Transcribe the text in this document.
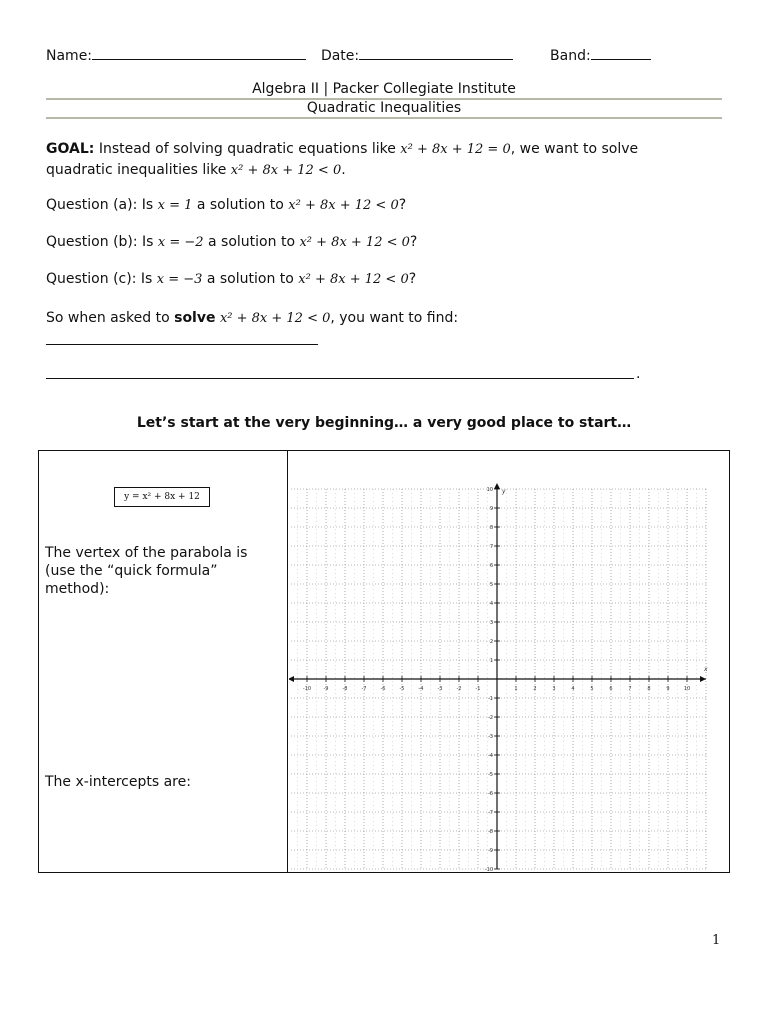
Name:	Date:	Band:
Algebra II | Packer Collegiate Institute
Quadratic Inequalities
GOAL: Instead of solving quadratic equations like x² + 8x + 12 = 0, we want to solve
quadratic inequalities like x² + 8x + 12 < 0.
Question (a): Is x = 1 a solution to x² + 8x + 12 < 0?
Question (b): Is x = −2 a solution to x² + 8x + 12 < 0?
Question (c): Is x = −3 a solution to x² + 8x + 12 < 0?
So when asked to solve x² + 8x + 12 < 0, you want to find:
.
Let’s start at the very beginning… a very good place to start…
y = x² + 8x + 12
The vertex of the parabola is (use the “quick formula” method):
The x-intercepts are:
-10 -9	-8	-7	-6	-5	-4	-3	-2	-1	1	2	3	4	5	6	7	8	9	10
-10
-9
-8
-7
-6
-5
-4
-3
-2
-1
1
2
3
4
5
6
7
8
9
10
x
y
1
